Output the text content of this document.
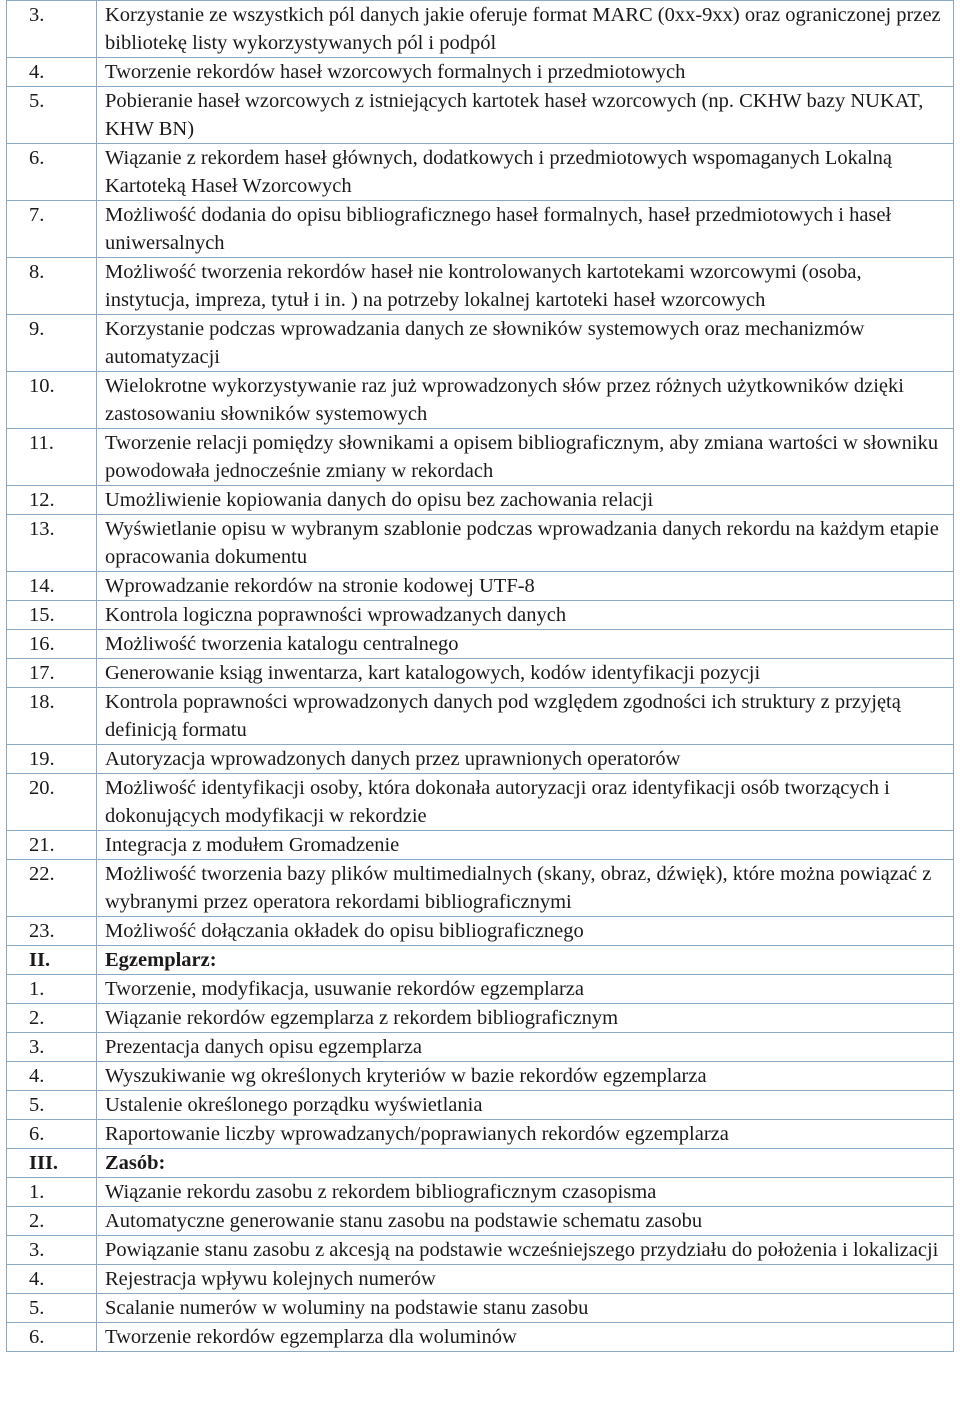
3.	Korzystanie ze wszystkich pól danych jakie oferuje format MARC (0xx-9xx) oraz ograniczonej przez bibliotekę listy wykorzystywanych pól i podpól
4.	Tworzenie rekordów haseł wzorcowych formalnych i przedmiotowych
5.	Pobieranie haseł wzorcowych z istniejących kartotek haseł wzorcowych (np. CKHW bazy NUKAT, KHW BN)
6.	Wiązanie z rekordem haseł głównych, dodatkowych i przedmiotowych wspomaganych Lokalną Kartoteką Haseł Wzorcowych
7.	Możliwość dodania do opisu bibliograficznego haseł formalnych, haseł przedmiotowych i haseł uniwersalnych
8.	Możliwość tworzenia rekordów haseł nie kontrolowanych kartotekami wzorcowymi (osoba, instytucja, impreza, tytuł i in. ) na potrzeby lokalnej kartoteki haseł wzorcowych
9.	Korzystanie podczas wprowadzania danych ze słowników systemowych oraz mechanizmów automatyzacji
10.	Wielokrotne wykorzystywanie raz już wprowadzonych słów przez różnych użytkowników dzięki zastosowaniu słowników systemowych
11.	Tworzenie relacji pomiędzy słownikami a opisem bibliograficznym, aby zmiana wartości w słowniku powodowała jednocześnie zmiany w rekordach
12.	Umożliwienie kopiowania danych do opisu bez zachowania relacji
13.	Wyświetlanie opisu w wybranym szablonie podczas wprowadzania danych rekordu na każdym etapie opracowania dokumentu
14.	Wprowadzanie rekordów na stronie kodowej UTF-8
15.	Kontrola logiczna poprawności wprowadzanych danych
16.	Możliwość tworzenia katalogu centralnego
17.	Generowanie ksiąg inwentarza, kart katalogowych, kodów identyfikacji pozycji
18.	Kontrola poprawności wprowadzonych danych pod względem zgodności ich struktury z przyjętą definicją formatu
19.	Autoryzacja wprowadzonych danych przez uprawnionych operatorów
20.	Możliwość identyfikacji osoby, która dokonała autoryzacji oraz identyfikacji osób tworzących i dokonujących modyfikacji w rekordzie
21.	Integracja z modułem Gromadzenie
22.	Możliwość tworzenia bazy plików multimedialnych (skany, obraz, dźwięk), które można powiązać z wybranymi przez operatora rekordami bibliograficznymi
23.	Możliwość dołączania okładek do opisu bibliograficznego
II.	Egzemplarz:
1.	Tworzenie, modyfikacja, usuwanie rekordów egzemplarza
2.	Wiązanie rekordów egzemplarza z rekordem bibliograficznym
3.	Prezentacja danych opisu egzemplarza
4.	Wyszukiwanie wg określonych kryteriów w bazie rekordów egzemplarza
5.	Ustalenie określonego porządku wyświetlania
6.	Raportowanie liczby wprowadzanych/poprawianych rekordów egzemplarza
III.	Zasób:
1.	Wiązanie rekordu zasobu z rekordem bibliograficznym czasopisma
2.	Automatyczne generowanie stanu zasobu na podstawie schematu zasobu
3.	Powiązanie stanu zasobu z akcesją na podstawie wcześniejszego przydziału do położenia i lokalizacji
4.	Rejestracja wpływu kolejnych numerów
5.	Scalanie numerów w woluminy na podstawie stanu zasobu
6.	Tworzenie rekordów egzemplarza dla woluminów
